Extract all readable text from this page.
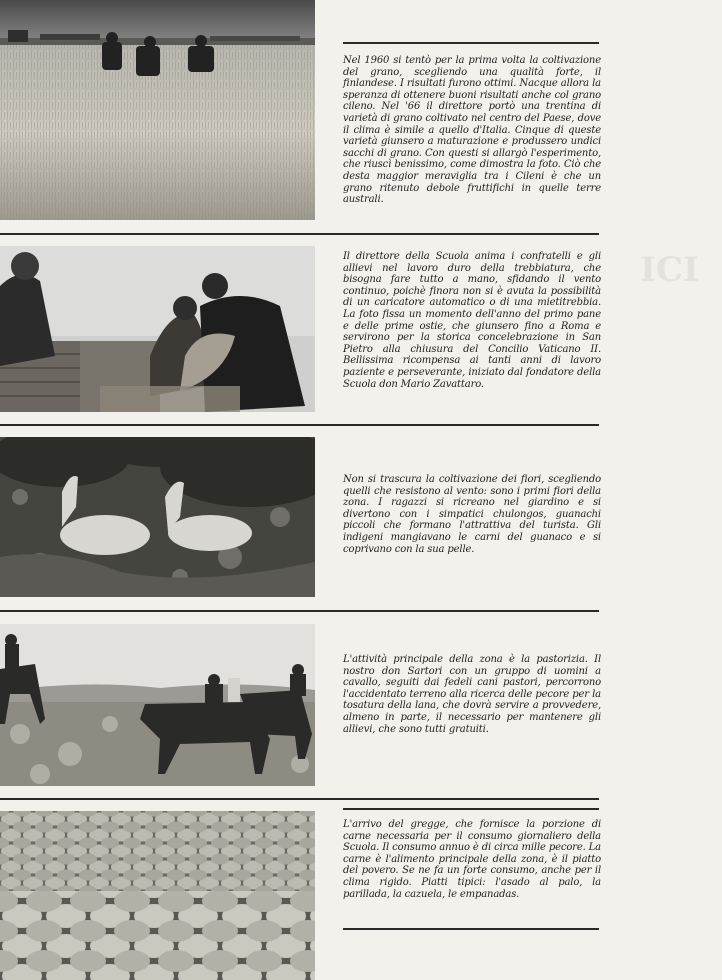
ICI
Nel 1960 si tentò per la prima volta la coltivazione del grano, scegliendo una qualità forte, il finlandese. I risultati furono ottimi. Nacque allora la speranza di ottenere buoni risultati anche col grano cileno. Nel '66 il direttore portò una trentina di varietà di grano coltivato nel centro del Paese, dove il clima è simile a quello d'Italia. Cinque di queste varietà giunsero a maturazione e produssero undici sacchi di grano. Con questi si allargò l'esperimento, che riuscì benissimo, come dimostra la foto. Ciò che desta maggior meraviglia tra i Cileni è che un grano ritenuto debole fruttifichi in quelle terre australi.
Il direttore della Scuola anima i confratelli e gli allievi nel lavoro duro della trebbiatura, che bisogna fare tutto a mano, sfidando il vento continuo, poichè finora non si è avuta la possibilità di un caricatore automatico o di una mietitrebbia. La foto fissa un momento dell'anno del primo pane e delle prime ostie, che giunsero fino a Roma e servirono per la storica concelebrazione in San Pietro alla chiusura del Concilio Vaticano II. Bellissima ricompensa ai tanti anni di lavoro paziente e perseverante, iniziato dal fondatore della Scuola don Mario Zavattaro.
Non si trascura la coltivazione dei fiori, scegliendo quelli che resistono al vento: sono i primi fiori della zona. I ragazzi si ricreano nel giardino e si divertono con i simpatici chulongos, guanachi piccoli che formano l'attrattiva del turista. Gli indigeni mangiavano le carni del guanaco e si coprivano con la sua pelle.
L'attività principale della zona è la pastorizia. Il nostro don Sartori con un gruppo di uomini a cavallo, seguiti dai fedeli cani pastori, percorrono l'accidentato terreno alla ricerca delle pecore per la tosatura della lana, che dovrà servire a provvedere, almeno in parte, il necessario per mantenere gli allievi, che sono tutti gratuiti.
L'arrivo del gregge, che fornisce la porzione di carne necessaria per il consumo giornaliero della Scuola. Il consumo annuo è di circa mille pecore. La carne è l'alimento principale della zona, è il piatto del povero. Se ne fa un forte consumo, anche per il clima rigido. Piatti tipici: l'asado al palo, la parillada, la cazuela, le empanadas.
